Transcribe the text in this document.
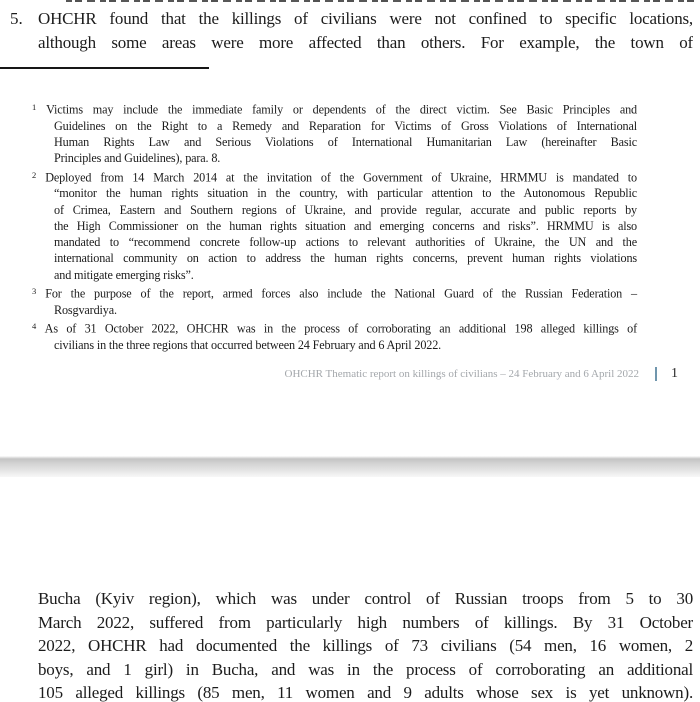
5. OHCHR found that the killings of civilians were not confined to specific locations,
although some areas were more affected than others. For example, the town of
$^1$ Victims may include the immediate family or dependents of the direct victim. See Basic Principles and
Guidelines on the Right to a Remedy and Reparation for Victims of Gross Violations of International
Human Rights Law and Serious Violations of International Humanitarian Law (hereinafter Basic
Principles and Guidelines), para. 8.
$^2$ Deployed from 14 March 2014 at the invitation of the Government of Ukraine, HRMMU is mandated to
“monitor the human rights situation in the country, with particular attention to the Autonomous Republic
of Crimea, Eastern and Southern regions of Ukraine, and provide regular, accurate and public reports by
the High Commissioner on the human rights situation and emerging concerns and risks”. HRMMU is also
mandated to “recommend concrete follow-up actions to relevant authorities of Ukraine, the UN and the
international community on action to address the human rights concerns, prevent human rights violations
and mitigate emerging risks”.
$^3$ For the purpose of the report, armed forces also include the National Guard of the Russian Federation –
Rosgvardiya.
$^4$ As of 31 October 2022, OHCHR was in the process of corroborating an additional 198 alleged killings of
civilians in the three regions that occurred between 24 February and 6 April 2022.
OHCHR Thematic report on killings of civilians – 24 February and 6 April 2022 1
Bucha (Kyiv region), which was under control of Russian troops from 5 to 30
March 2022, suffered from particularly high numbers of killings. By 31 October
2022, OHCHR had documented the killings of 73 civilians (54 men, 16 women, 2
boys, and 1 girl) in Bucha, and was in the process of corroborating an additional
105 alleged killings (85 men, 11 women and 9 adults whose sex is yet unknown).
